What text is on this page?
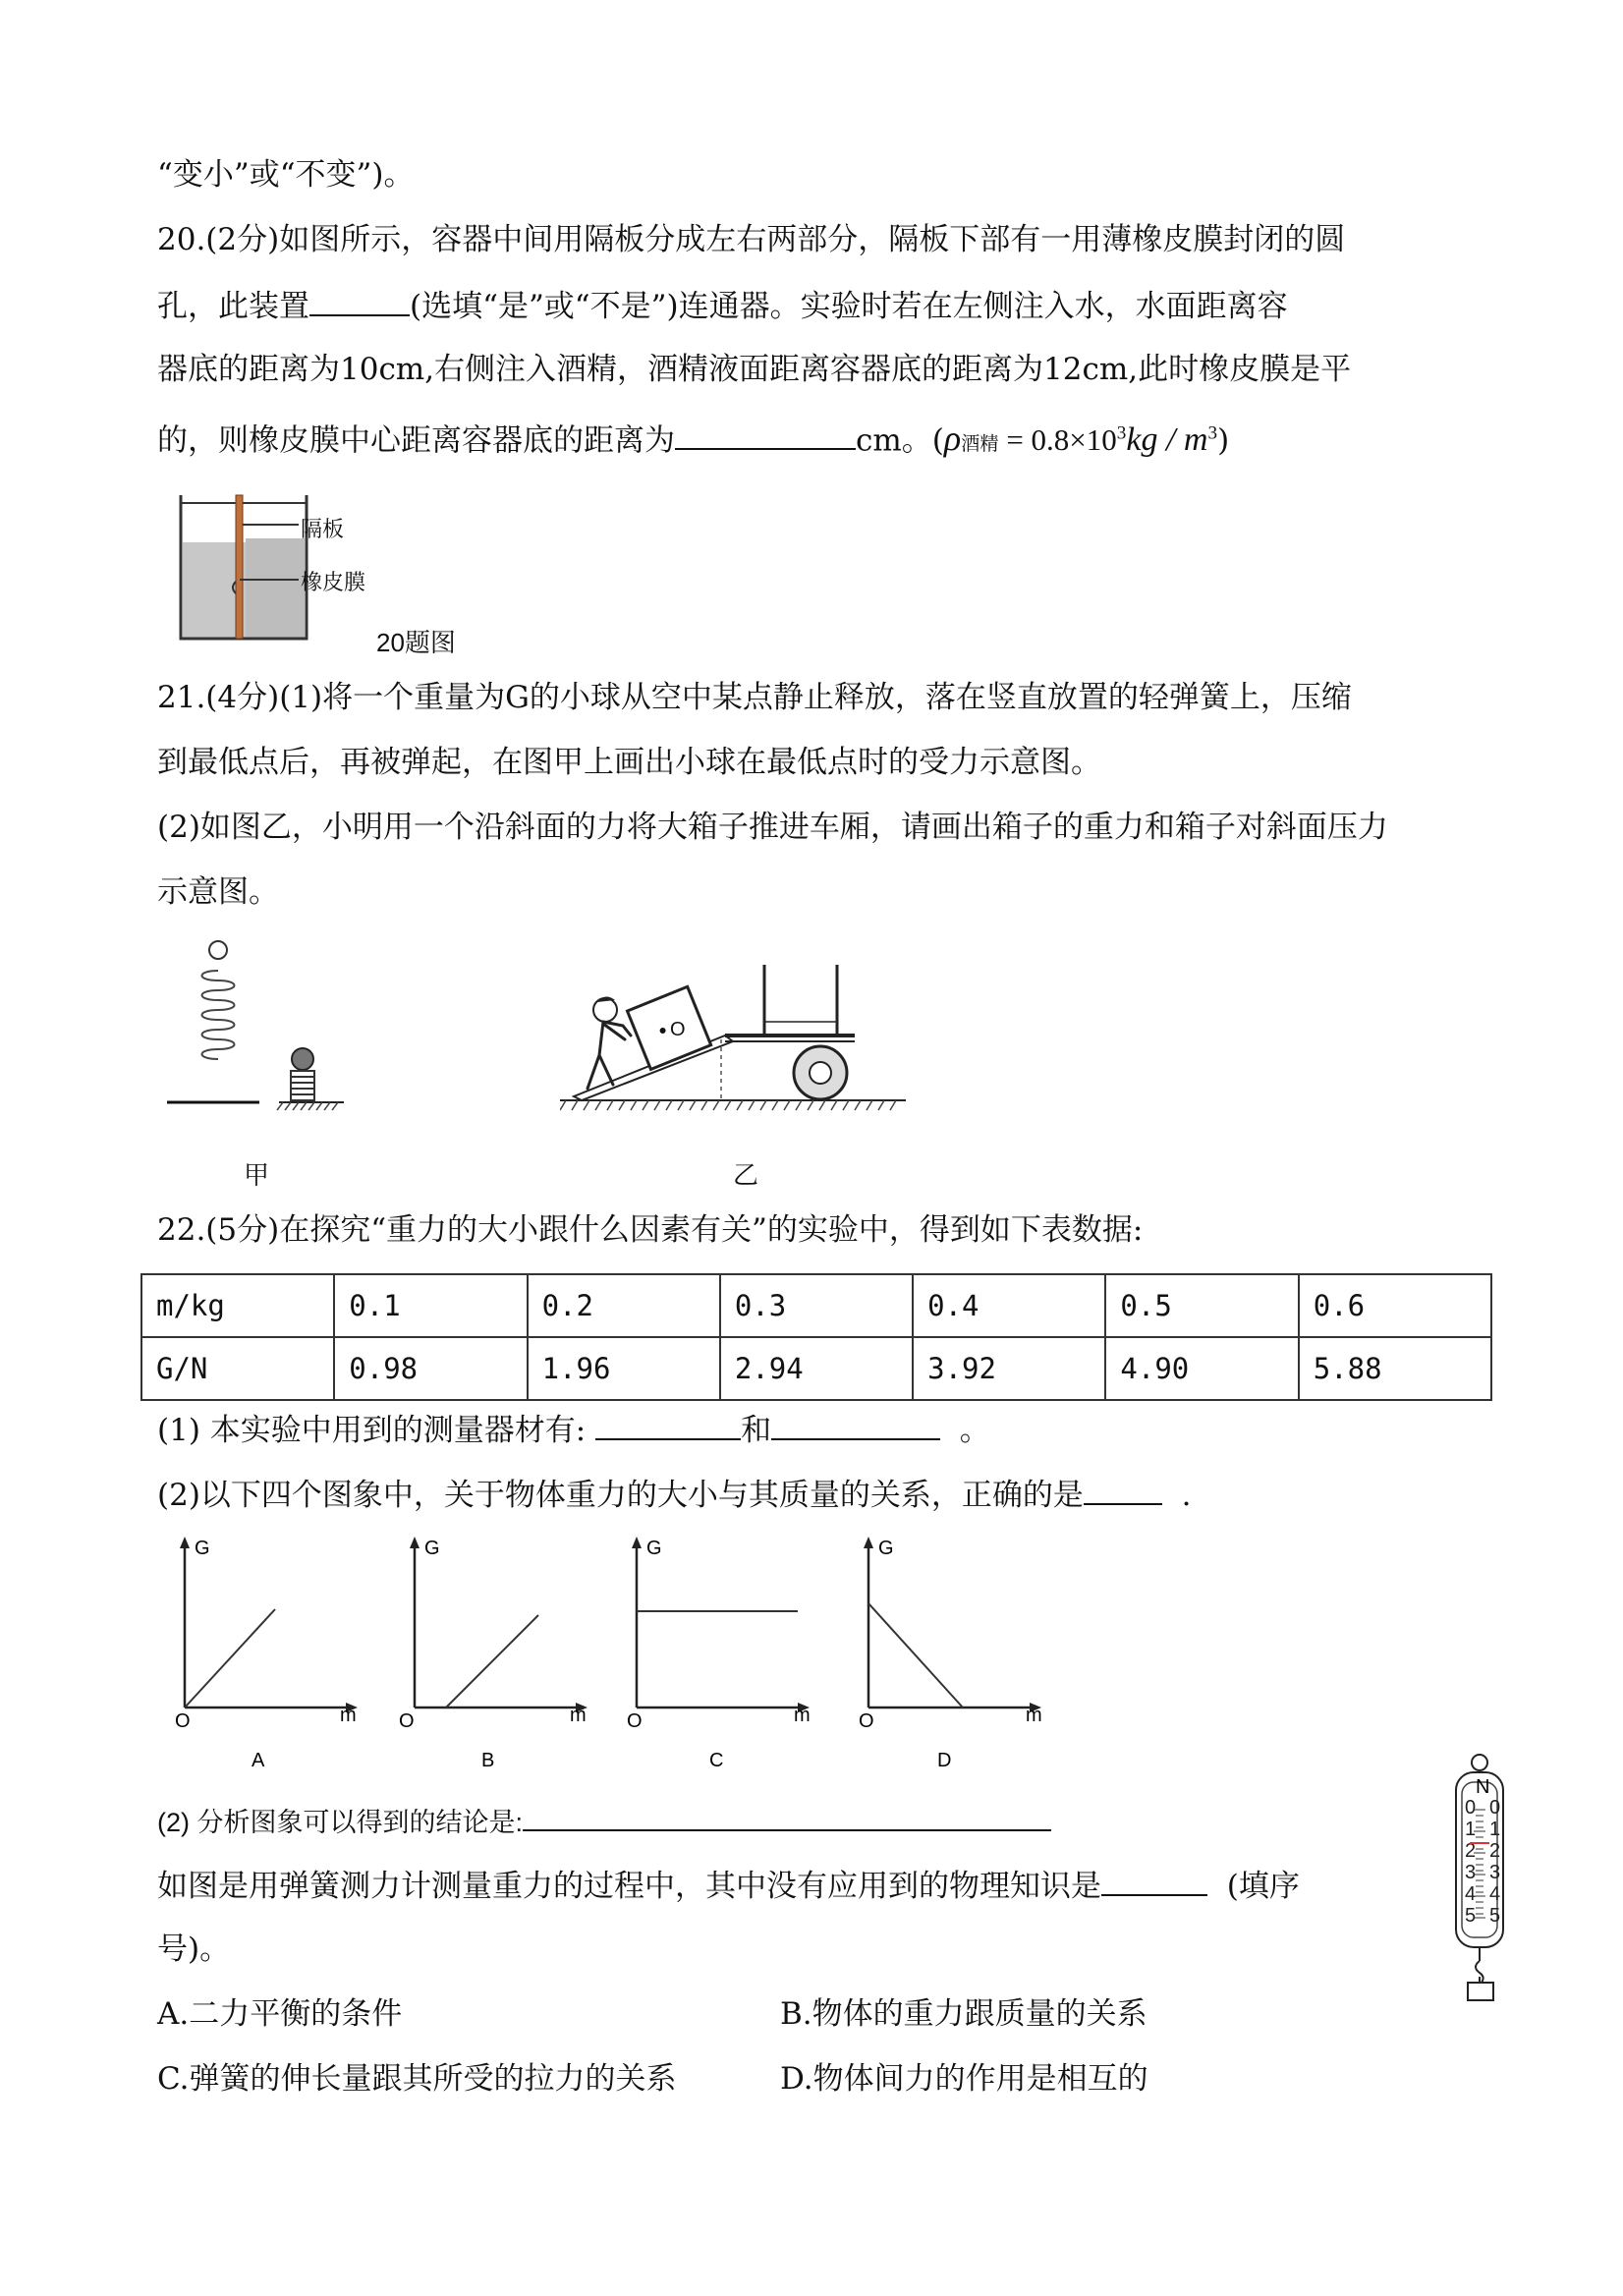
“变小”或“不变”)。
20.(2分)如图所示，容器中间用隔板分成左右两部分，隔板下部有一用薄橡皮膜封闭的圆
孔，此装置	(选填“是”或“不是”)连通器。实验时若在左侧注入水，水面距离容
器底的距离为10cm,右侧注入酒精，酒精液面距离容器底的距离为12cm,此时橡皮膜是平
的，则橡皮膜中心距离容器底的距离为	cm。(ρ酒精 = $0.8\times 10^3kg / m^3$)
隔板
橡皮膜
20题图
21.(4分)(1)将一个重量为G的小球从空中某点静止释放，落在竖直放置的轻弹簧上，压缩
到最低点后，再被弹起，在图甲上画出小球在最低点时的受力示意图。
(2)如图乙，小明用一个沿斜面的力将大箱子推进车厢，请画出箱子的重力和箱子对斜面压力
示意图。
甲
O
乙
22.(5分)在探究“重力的大小跟什么因素有关”的实验中，得到如下表数据:
m/kg	0.1	0.2	0.3	0.4	0.5	0.6
G/N	0.98	1.96	2.94	3.92	4.90	5.88
(1) 本实验中用到的测量器材有:	和	。
(2)以下四个图象中，关于物体重力的大小与其质量的关系，正确的是	.
G
m
O
A
G
m
O
B
G
m
O
C
G
m
O
D
(2) 分析图象可以得到的结论是:
如图是用弹簧测力计测量重力的过程中，其中没有应用到的物理知识是	(填序
号)。
A.二力平衡的条件	B.物体的重力跟质量的关系
C.弹簧的伸长量跟其所受的拉力的关系	D.物体间力的作用是相互的
N
0
1
2
3
4
5
0
1
2
3
4
5
